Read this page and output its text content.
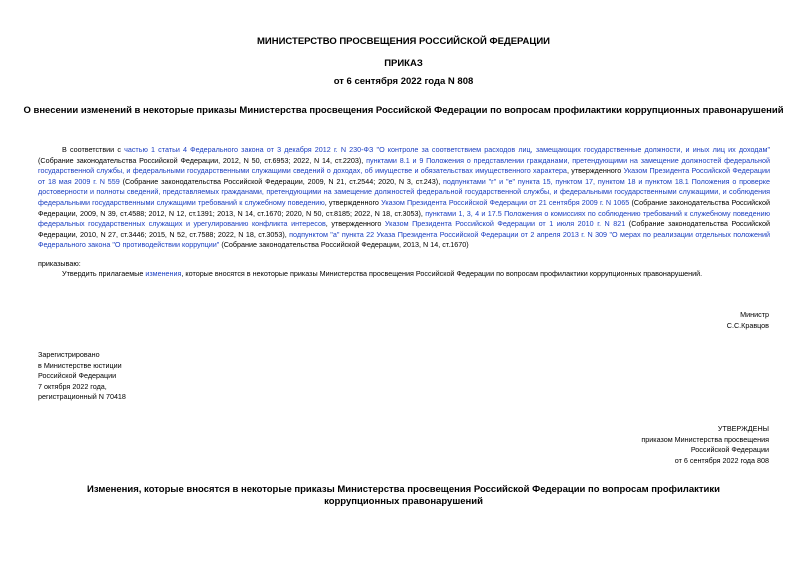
МИНИСТЕРСТВО ПРОСВЕЩЕНИЯ РОССИЙСКОЙ ФЕДЕРАЦИИ
ПРИКАЗ
от 6 сентября 2022 года N 808
О внесении изменений в некоторые приказы Министерства просвещения Российской Федерации по вопросам профилактики коррупционных правонарушений
В соответствии с частью 1 статьи 4 Федерального закона от 3 декабря 2012 г. N 230-ФЗ "О контроле за соответствием расходов лиц, замещающих государственные должности, и иных лиц их доходам" (Собрание законодательства Российской Федерации, 2012, N 50, ст.6953; 2022, N 14, ст.2203), пунктами 8.1 и 9 Положения о представлении гражданами, претендующими на замещение должностей федеральной государственной службы, и федеральными государственными служащими сведений о доходах, об имуществе и обязательствах имущественного характера, утвержденного Указом Президента Российской Федерации от 18 мая 2009 г. N 559 (Собрание законодательства Российской Федерации, 2009, N 21, ст.2544; 2020, N 3, ст.243), подпунктами "г" и "е" пункта 15, пунктом 17, пунктом 18 и пунктом 18.1 Положения о проверке достоверности и полноты сведений, представляемых гражданами, претендующими на замещение должностей федеральной государственной службы, и федеральными государственными служащими, и соблюдения федеральными государственными служащими требований к служебному поведению, утвержденного Указом Президента Российской Федерации от 21 сентября 2009 г. N 1065 (Собрание законодательства Российской Федерации, 2009, N 39, ст.4588; 2012, N 12, ст.1391; 2013, N 14, ст.1670; 2020, N 50, ст.8185; 2022, N 18, ст.3053), пунктами 1, 3, 4 и 17.5 Положения о комиссиях по соблюдению требований к служебному поведению федеральных государственных служащих и урегулированию конфликта интересов, утвержденного Указом Президента Российской Федерации от 1 июля 2010 г. N 821 (Собрание законодательства Российской Федерации, 2010, N 27, ст.3446; 2015, N 52, ст.7588; 2022, N 18, ст.3053), подпунктом "а" пункта 22 Указа Президента Российской Федерации от 2 апреля 2013 г. N 309 "О мерах по реализации отдельных положений Федерального закона "О противодействии коррупции" (Собрание законодательства Российской Федерации, 2013, N 14, ст.1670)
приказываю:
Утвердить прилагаемые изменения, которые вносятся в некоторые приказы Министерства просвещения Российской Федерации по вопросам профилактики коррупционных правонарушений.
Министр
С.С.Кравцов
Зарегистрировано
в Министерстве юстиции
Российской Федерации
7 октября 2022 года,
регистрационный N 70418
УТВЕРЖДЕНЫ
приказом Министерства просвещения
Российской Федерации
от 6 сентября 2022 года 808
Изменения, которые вносятся в некоторые приказы Министерства просвещения Российской Федерации по вопросам профилактики коррупционных правонарушений
